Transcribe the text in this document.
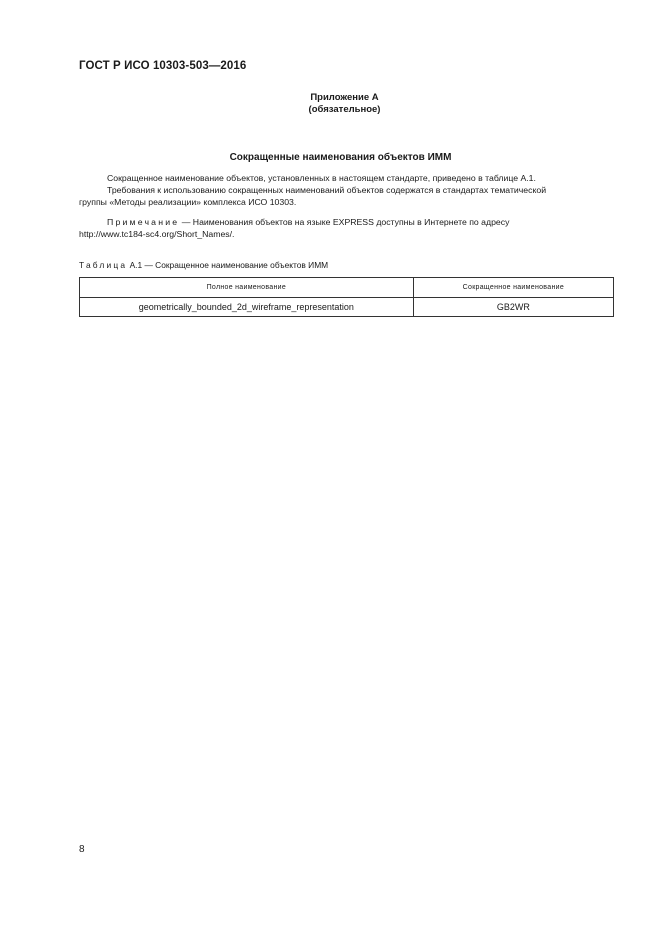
ГОСТ Р ИСО 10303-503—2016
Приложение А
(обязательное)
Сокращенные наименования объектов ИММ
Сокращенное наименование объектов, установленных в настоящем стандарте, приведено в таблице А.1.
Требования к использованию сокращенных наименований объектов содержатся в стандартах тематической
группы «Методы реализации» комплекса ИСО 10303.
Примечание — Наименования объектов на языке EXPRESS доступны в Интернете по адресу
http://www.tc184-sc4.org/Short_Names/.
Таблица А.1 — Сокращенное наименование объектов ИММ
Полное наименование	Сокращенное наименование
geometrically_bounded_2d_wireframe_representation	GB2WR
8
